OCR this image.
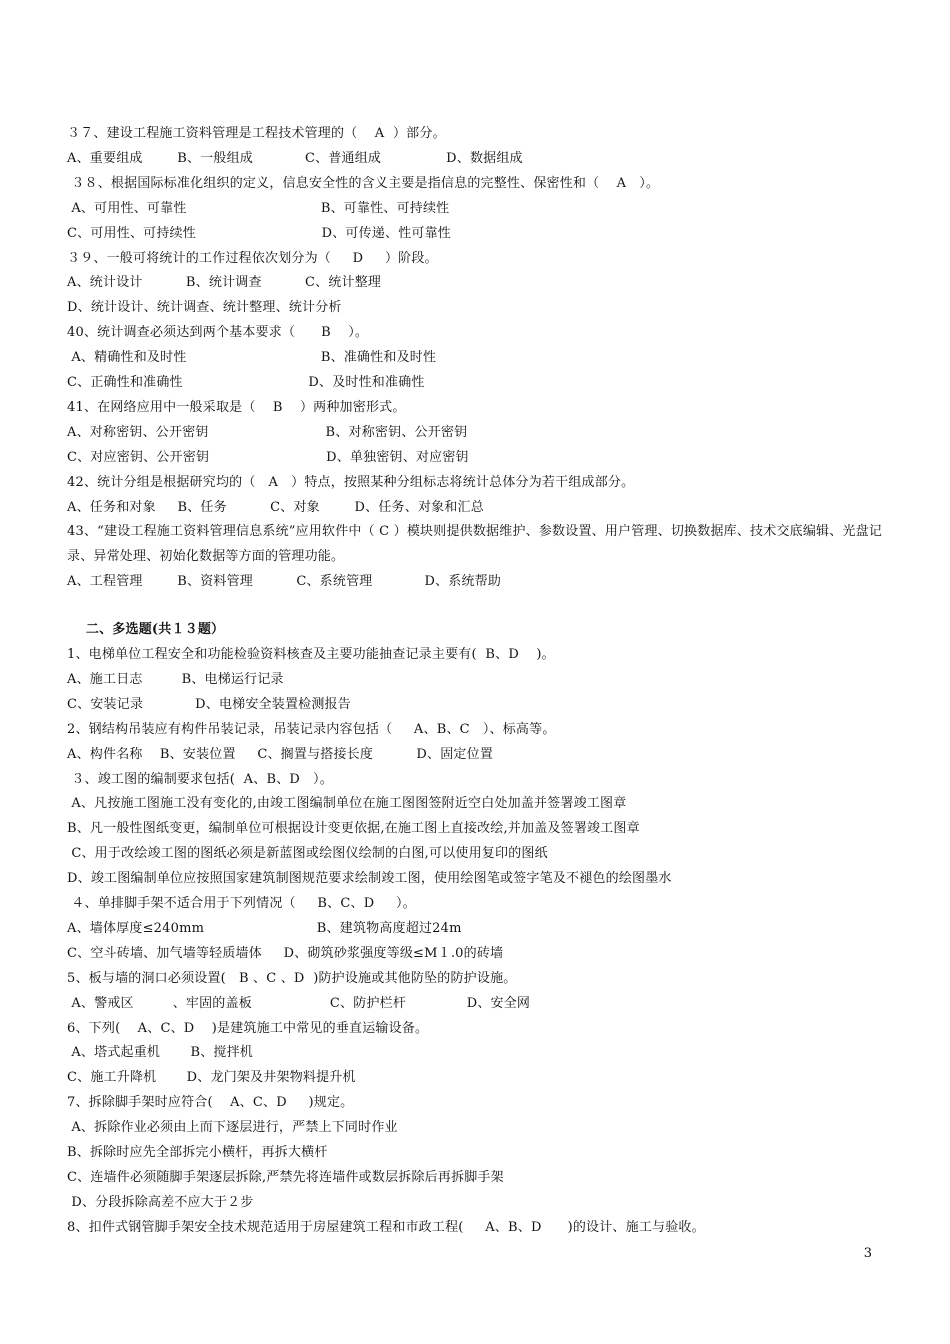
３７、建设工程施工资料管理是工程技术管理的（    A  ）部分。
A、重要组成        B、一般组成            C、普通组成               D、数据组成
３８、根据国际标准化组织的定义，信息安全性的含义主要是指信息的完整性、保密性和（    A   ）。
A、可用性、可靠性                               B、可靠性、可持续性
C、可用性、可持续性                             D、可传递、性可靠性
３９、一般可将统计的工作过程依次划分为（     D     ）阶段。
A、统计设计          B、统计调查          C、统计整理
D、统计设计、统计调查、统计整理、统计分析
40、统计调查必须达到两个基本要求（      B    ）。
A、精确性和及时性                               B、准确性和及时性
C、正确性和准确性                             D、及时性和准确性
41、在网络应用中一般采取是（    B    ）两种加密形式。
A、对称密钥、公开密钥                           B、对称密钥、公开密钥
C、对应密钥、公开密钥                           D、单独密钥、对应密钥
42、统计分组是根据研究均的（   A   ）特点，按照某种分组标志将统计总体分为若干组成部分。
A、任务和对象     B、任务          C、对象        D、任务、对象和汇总
43、“建设工程施工资料管理信息系统”应用软件中（ C ）模块则提供数据维护、参数设置、用户管理、切换数据库、技术交底编辑、光盘记录、异常处理、初始化数据等方面的管理功能。
A、工程管理        B、资料管理          C、系统管理            D、系统帮助
二、多选题(共１３题）
1、电梯单位工程安全和功能检验资料核查及主要功能抽查记录主要有(  B、D    )。
A、施工日志         B、电梯运行记录
C、安装记录            D、电梯安全装置检测报告
2、钢结构吊装应有构件吊装记录，吊装记录内容包括（     A、B、C   ）、标高等。
A、构件名称    B、安装位置     C、搁置与搭接长度          D、固定位置
３、竣工图的编制要求包括(  A、B、D   ）。
A、凡按施工图施工没有变化的,由竣工图编制单位在施工图图签附近空白处加盖并签署竣工图章
B、凡一般性图纸变更，编制单位可根据设计变更依据,在施工图上直接改绘,并加盖及签署竣工图章
C、用于改绘竣工图的图纸必须是新蓝图或绘图仪绘制的白图,可以使用复印的图纸
D、竣工图编制单位应按照国家建筑制图规范要求绘制竣工图，使用绘图笔或签字笔及不褪色的绘图墨水
４、单排脚手架不适合用于下列情况（     B、C、D     ）。
A、墙体厚度≤240mm                          B、建筑物高度超过24m
C、空斗砖墙、加气墙等轻质墙体     D、砌筑砂浆强度等级≤M１.0的砖墙
5、板与墙的洞口必须设置(   B 、C 、D  )防护设施或其他防坠的防护设施。
A、警戒区         、牢固的盖板                  C、防护栏杆              D、安全网
6、下列(    A、C、D    )是建筑施工中常见的垂直运输设备。
A、塔式起重机       B、搅拌机
C、施工升降机       D、龙门架及井架物料提升机
7、拆除脚手架时应符合(    A、C、D     )规定。
A、拆除作业必须由上而下逐层进行，严禁上下同时作业
B、拆除时应先全部拆完小横杆，再拆大横杆
C、连墙件必须随脚手架逐层拆除,严禁先将连墙件或数层拆除后再拆脚手架
D、分段拆除高差不应大于２步
8、扣件式钢管脚手架安全技术规范适用于房屋建筑工程和市政工程(     A、B、D      )的设计、施工与验收。
3
